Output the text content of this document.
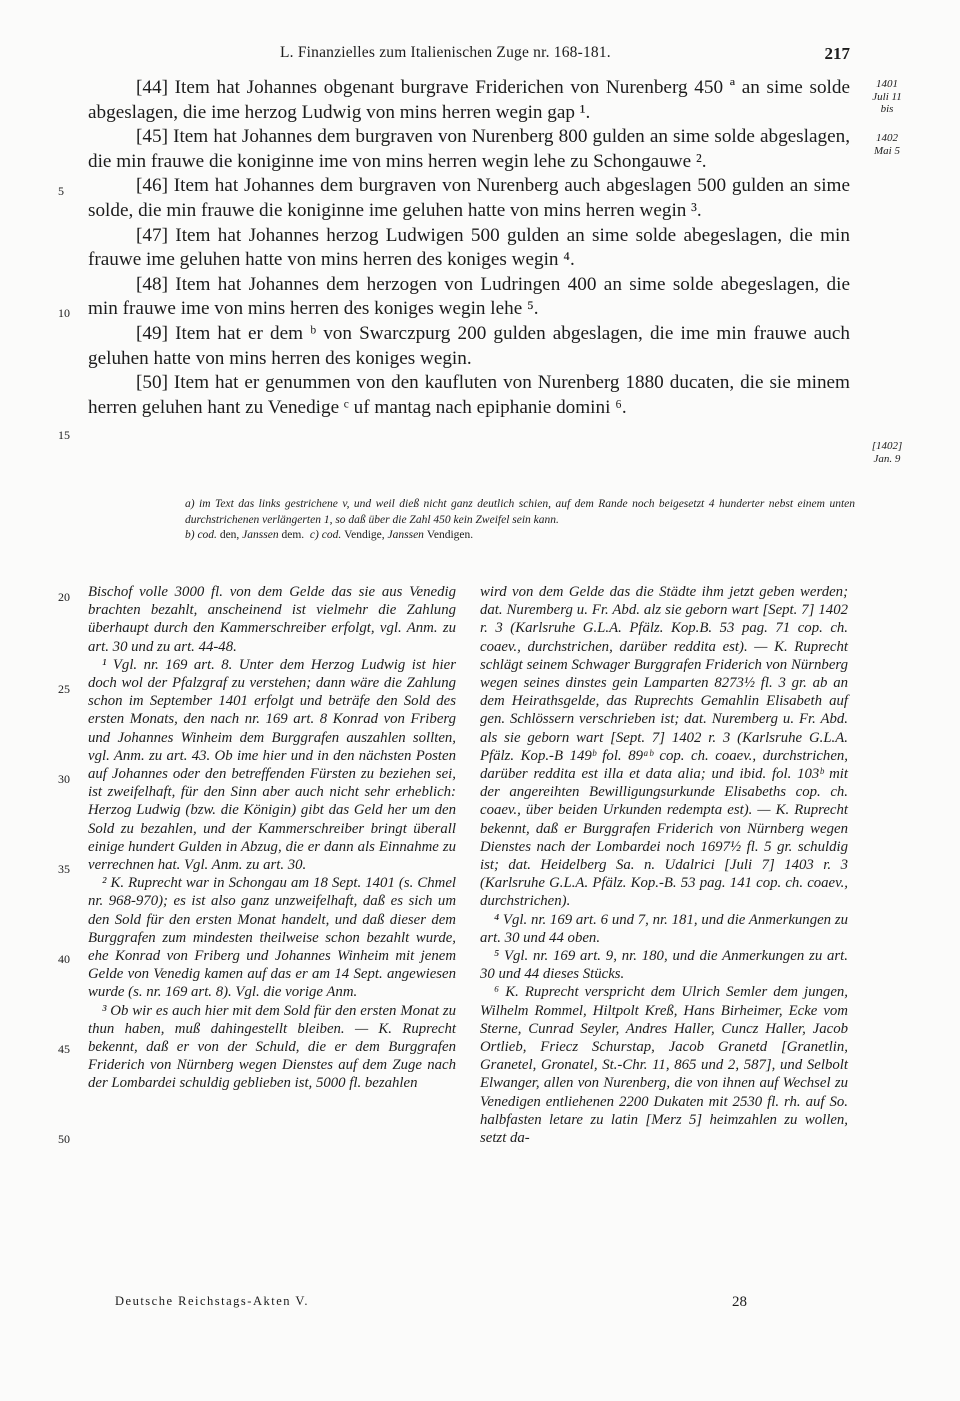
L. Finanzielles zum Italienischen Zuge nr. 168-181.	217

[44] Item hat Johannes obgenant burgrave Friderichen von Nurenberg 450 ª an sime solde abgeslagen, die ime herzog Ludwig von mins herren wegin gap ¹.

[45] Item hat Johannes dem burgraven von Nurenberg 800 gulden an sime solde abgeslagen, die min frauwe die koniginne ime von mins herren wegin lehe zu Schongauwe ².

[46] Item hat Johannes dem burgraven von Nurenberg auch abgeslagen 500 gulden an sime solde, die min frauwe die koniginne ime geluhen hatte von mins herren wegin ³.

[47] Item hat Johannes herzog Ludwigen 500 gulden an sime solde abegeslagen, die min frauwe ime geluhen hatte von mins herren des koniges wegin ⁴.

[48] Item hat Johannes dem herzogen von Ludringen 400 an sime solde abegeslagen, die min frauwe ime von mins herren des koniges wegin lehe ⁵.

[49] Item hat er dem ᵇ von Swarczpurg 200 gulden abgeslagen, die ime min frauwe auch geluhen hatte von mins herren des koniges wegin.

[50] Item hat er genummen von den kaufluten von Nurenberg 1880 ducaten, die sie minem herren geluhen hant zu Venedige ᶜ uf mantag nach epiphanie domini ⁶.

5
10
15
20
25
30
35
40
45
50
1401
Juli 11
bis
1402
Mai 5
[1402]
Jan. 9
a) im Text das links gestrichene v, und weil dieß nicht ganz deutlich schien, auf dem Rande noch beigesetzt 4 hunderter nebst einem unten durchstrichenen verlängerten 1, so daß über die Zahl 450 kein Zweifel sein kann.
b) cod. den, Janssen dem. c) cod. Vendige, Janssen Vendigen.

Bischof volle 3000 fl. von dem Gelde das sie aus Venedig brachten bezahlt, anscheinend ist vielmehr die Zahlung überhaupt durch den Kammerschreiber erfolgt, vgl. Anm. zu art. 30 und zu art. 44-48.

¹ Vgl. nr. 169 art. 8. Unter dem Herzog Ludwig ist hier doch wol der Pfalzgraf zu verstehen; dann wäre die Zahlung schon im September 1401 erfolgt und beträfe den Sold des ersten Monats, den nach nr. 169 art. 8 Konrad von Friberg und Johannes Winheim dem Burggrafen auszahlen sollten, vgl. Anm. zu art. 43. Ob ime hier und in den nächsten Posten auf Johannes oder den betreffenden Fürsten zu beziehen sei, ist zweifelhaft, für den Sinn aber auch nicht sehr erheblich: Herzog Ludwig (bzw. die Königin) gibt das Geld her um den Sold zu bezahlen, und der Kammerschreiber bringt überall einige hundert Gulden in Abzug, die er dann als Einnahme zu verrechnen hat. Vgl. Anm. zu art. 30.

² K. Ruprecht war in Schongau am 18 Sept. 1401 (s. Chmel nr. 968-970); es ist also ganz unzweifelhaft, daß es sich um den Sold für den ersten Monat handelt, und daß dieser dem Burggrafen zum mindesten theilweise schon bezahlt wurde, ehe Konrad von Friberg und Johannes Winheim mit jenem Gelde von Venedig kamen auf das er am 14 Sept. angewiesen wurde (s. nr. 169 art. 8). Vgl. die vorige Anm.

³ Ob wir es auch hier mit dem Sold für den ersten Monat zu thun haben, muß dahingestellt bleiben. — K. Ruprecht bekennt, daß er von der Schuld, die er dem Burggrafen Friderich von Nürnberg wegen Dienstes auf dem Zuge nach der Lombardei schuldig geblieben ist, 5000 fl. bezahlen

wird von dem Gelde das die Städte ihm jetzt geben werden; dat. Nuremberg u. Fr. Abd. alz sie geborn wart [Sept. 7] 1402 r. 3 (Karlsruhe G.L.A. Pfälz. Kop.B. 53 pag. 71 cop. ch. coaev., durchstrichen, darüber reddita est). — K. Ruprecht schlägt seinem Schwager Burggrafen Friderich von Nürnberg wegen seines dinstes gein Lamparten 8273½ fl. 3 gr. ab an dem Heirathsgelde, das Ruprechts Gemahlin Elisabeth auf gen. Schlössern verschrieben ist; dat. Nuremberg u. Fr. Abd. als sie geborn wart [Sept. 7] 1402 r. 3 (Karlsruhe G.L.A. Pfälz. Kop.-B 149ᵇ fol. 89ᵃᵇ cop. ch. coaev., durchstrichen, darüber reddita est illa et data alia; und ibid. fol. 103ᵇ mit der angereihten Bewilligungsurkunde Elisabeths cop. ch. coaev., über beiden Urkunden redempta est). — K. Ruprecht bekennt, daß er Burggrafen Friderich von Nürnberg wegen Dienstes nach der Lombardei noch 1697½ fl. 5 gr. schuldig ist; dat. Heidelberg Sa. n. Udalrici [Juli 7] 1403 r. 3 (Karlsruhe G.L.A. Pfälz. Kop.-B. 53 pag. 141 cop. ch. coaev., durchstrichen).

⁴ Vgl. nr. 169 art. 6 und 7, nr. 181, und die Anmerkungen zu art. 30 und 44 oben.

⁵ Vgl. nr. 169 art. 9, nr. 180, und die Anmerkungen zu art. 30 und 44 dieses Stücks.

⁶ K. Ruprecht verspricht dem Ulrich Semler dem jungen, Wilhelm Rommel, Hiltpolt Kreß, Hans Birheimer, Ecke vom Sterne, Cunrad Seyler, Andres Haller, Cuncz Haller, Jacob Ortlieb, Friecz Schurstap, Jacob Granetd [Granetlin, Granetel, Gronatel, St.-Chr. 11, 865 und 2, 587], und Selbolt Elwanger, allen von Nurenberg, die von ihnen auf Wechsel zu Venedigen entliehenen 2200 Dukaten mit 2530 fl. rh. auf So. halbfasten letare zu latin [Merz 5] heimzahlen zu wollen, setzt da-

Deutsche Reichstags-Akten V.	28
